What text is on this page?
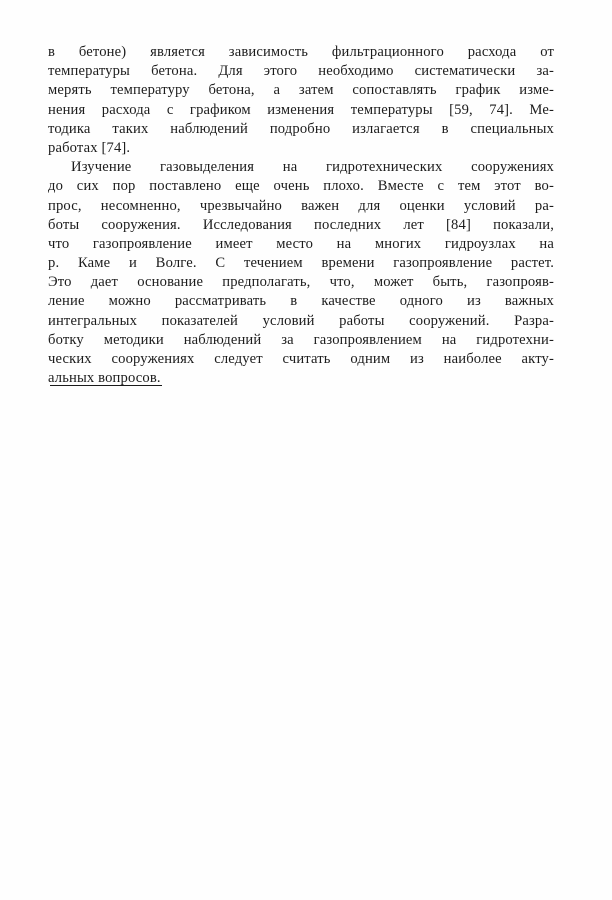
в бетоне) является зависимость фильтрационного расхода от
температуры бетона. Для этого необходимо систематически за-
мерять температуру бетона, а затем сопоставлять график изме-
нения расхода с графиком изменения температуры [59, 74]. Ме-
тодика таких наблюдений подробно излагается в специальных
работах [74].
Изучение газовыделения на гидротехнических сооружениях
до сих пор поставлено еще очень плохо. Вместе с тем этот во-
прос, несомненно, чрезвычайно важен для оценки условий ра-
боты сооружения. Исследования последних лет [84] показали,
что газопроявление имеет место на многих гидроузлах на
р. Каме и Волге. С течением времени газопроявление растет.
Это дает основание предполагать, что, может быть, газопрояв-
ление можно рассматривать в качестве одного из важных
интегральных показателей условий работы сооружений. Разра-
ботку методики наблюдений за газопроявлением на гидротехни-
ческих сооружениях следует считать одним из наиболее акту-
альных вопросов.
